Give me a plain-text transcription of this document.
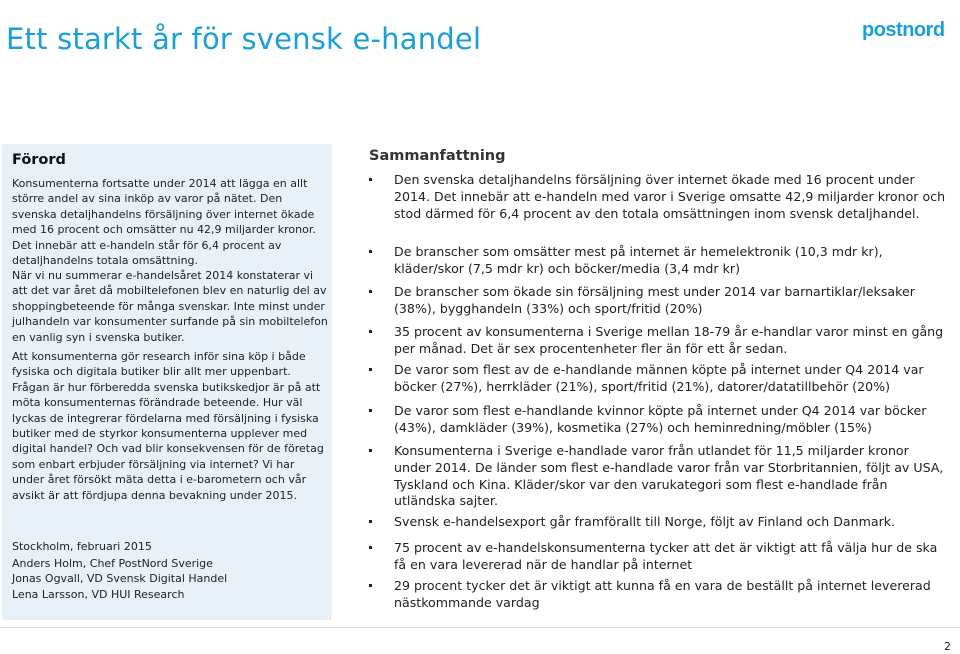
Ett starkt år för svensk e-handel	postnord
Förord
Konsumenterna fortsatte under 2014 att lägga en allt större andel av sina inköp av varor på nätet. Den svenska detaljhandelns försäljning över internet ökade med 16 procent och omsätter nu 42,9 miljarder kronor. Det innebär att e-handeln står för 6,4 procent av detaljhandelns totala omsättning.
När vi nu summerar e-handelsåret 2014 konstaterar vi att det var året då mobiltelefonen blev en naturlig del av shoppingbeteende för många svenskar. Inte minst under julhandeln var konsumenter surfande på sin mobiltelefon en vanlig syn i svenska butiker.
Att konsumenterna gör research inför sina köp i både fysiska och digitala butiker blir allt mer uppenbart. Frågan är hur förberedda svenska butikskedjor är på att möta konsumenternas förändrade beteende. Hur väl lyckas de integrerar fördelarna med försäljning i fysiska butiker med de styrkor konsumenterna upplever med digital handel? Och vad blir konsekvensen för de företag som enbart erbjuder försäljning via internet? Vi har under året försökt mäta detta i e-barometern och vår avsikt är att fördjupa denna bevakning under 2015.
Stockholm, februari 2015

Anders Holm, Chef PostNord Sverige

Jonas Ogvall, VD Svensk Digital Handel

Lena Larsson, VD HUI Research

Sammanfattning
Den svenska detaljhandelns försäljning över internet ökade med 16 procent under 2014. Det innebär att e-handeln med varor i Sverige omsatte 42,9 miljarder kronor och stod därmed för 6,4 procent av den totala omsättningen inom svensk detaljhandel.
De branscher som omsätter mest på internet är hemelektronik (10,3 mdr kr), kläder/skor (7,5 mdr kr) och böcker/media (3,4 mdr kr)
De branscher som ökade sin försäljning mest under 2014 var barnartiklar/leksaker (38%), bygghandeln (33%) och sport/fritid (20%)
35 procent av konsumenterna i Sverige mellan 18-79 år e-handlar varor minst en gång per månad. Det är sex procentenheter fler än för ett år sedan.
De varor som flest av de e-handlande männen köpte på internet under Q4 2014 var böcker (27%), herrkläder (21%), sport/fritid (21%), datorer/datatillbehör (20%)
De varor som flest e-handlande kvinnor köpte på internet under Q4 2014 var böcker (43%), damkläder (39%), kosmetika (27%) och heminredning/möbler (15%)
Konsumenterna i Sverige e-handlade varor från utlandet för 11,5 miljarder kronor under 2014. De länder som flest e-handlade varor från var Storbritannien, följt av USA, Tyskland och Kina. Kläder/skor var den varukategori som flest e-handlade från utländska sajter.
Svensk e-handelsexport går framförallt till Norge, följt av Finland och Danmark.
75 procent av e-handelskonsumenterna tycker att det är viktigt att få välja hur de ska få en vara levererad när de handlar på internet
29 procent tycker det är viktigt att kunna få en vara de beställt på internet levererad nästkommande vardag
2
